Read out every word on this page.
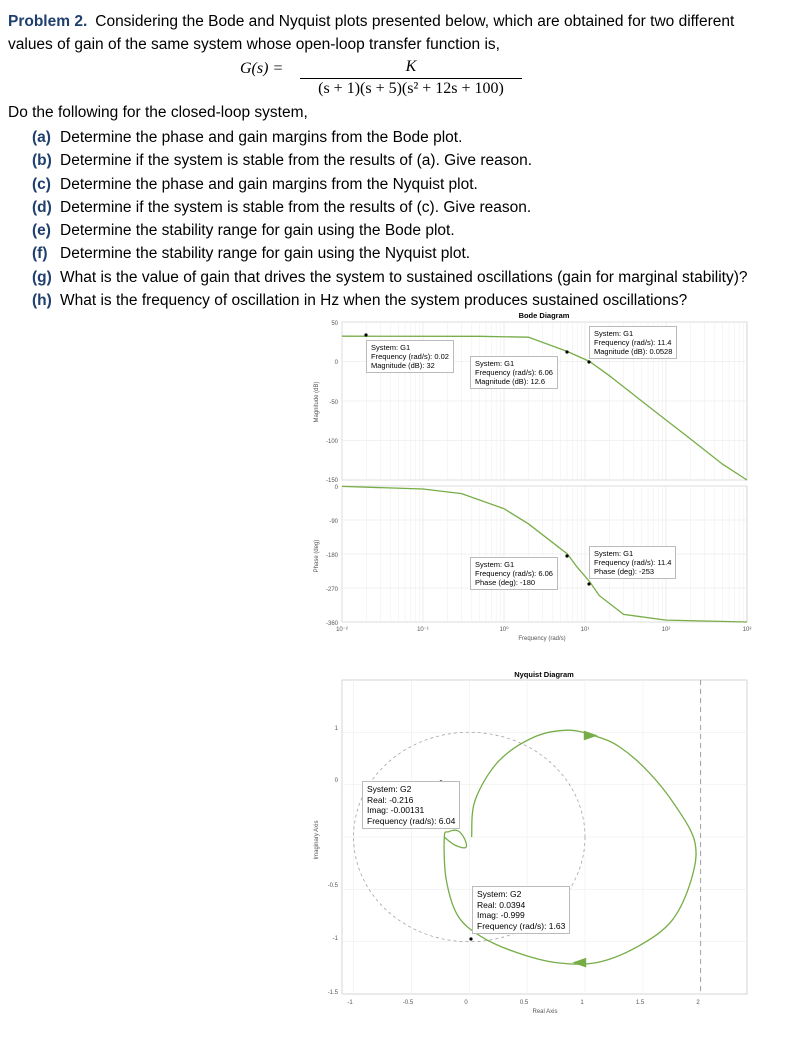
Problem 2. Considering the Bode and Nyquist plots presented below, which are obtained for two different
values of gain of the same system whose open-loop transfer function is,
G(s) =	K
(s + 1)(s + 5)(s² + 12s + 100)
Do the following for the closed-loop system,
(a) Determine the phase and gain margins from the Bode plot.
(b) Determine if the system is stable from the results of (a). Give reason.
(c) Determine the phase and gain margins from the Nyquist plot.
(d) Determine if the system is stable from the results of (c). Give reason.
(e) Determine the stability range for gain using the Bode plot.
(f) Determine the stability range for gain using the Nyquist plot.
(g) What is the value of gain that drives the system to sustained oscillations (gain for marginal stability)?
(h) What is the frequency of oscillation in Hz when the system produces sustained oscillations?
Bode Diagram
50
0
-50
-100
-150
0
-90
-180
-270
-360
10⁻²	10⁻¹	10⁰	10¹	10²	10³
Frequency (rad/s)
Magnitude (dB)
Phase (deg)
Nyquist Diagram
1
0
-0.5
-1
-1.5
-1	-0.5	0	0.5	1	1.5	2
Real Axis
Imaginary Axis
System: G1
Frequency (rad/s): 0.02
Magnitude (dB): 32	System: G1
Frequency (rad/s): 6.06
Magnitude (dB): 12.6
System: G1
Frequency (rad/s): 11.4
Magnitude (dB): 0.0528
System: G1
Frequency (rad/s): 6.06
Phase (deg): -180
System: G1
Frequency (rad/s): 11.4
Phase (deg): -253
System: G2
Real: -0.216
Imag: -0.00131
Frequency (rad/s): 6.04
System: G2
Real: 0.0394
Imag: -0.999
Frequency (rad/s): 1.63
